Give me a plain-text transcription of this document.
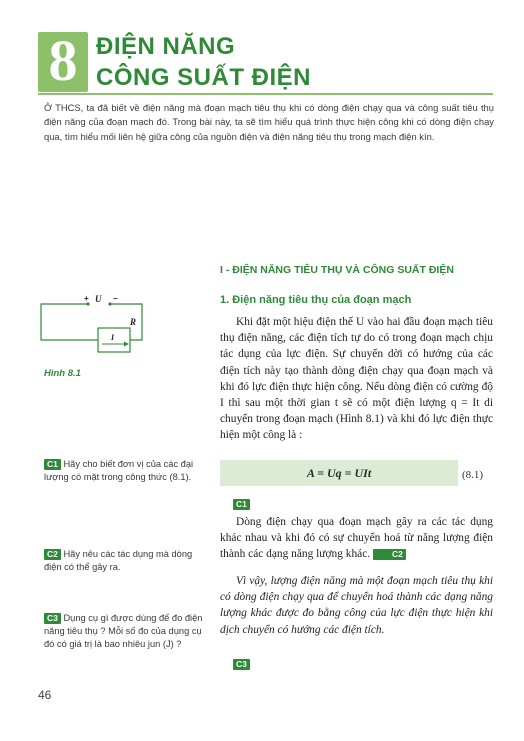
8 ĐIỆN NĂNG
CÔNG SUẤT ĐIỆN
Ở THCS, ta đã biết về điện năng mà đoạn mạch tiêu thụ khi có dòng điện chạy qua và công suất tiêu thụ điện năng của đoạn mạch đó. Trong bài này, ta sẽ tìm hiểu quá trình thực hiện công khi có dòng điện chạy qua, tìm hiểu mối liên hệ giữa công của nguồn điện và điện năng tiêu thụ trong mạch điện kín.
I - ĐIỆN NĂNG TIÊU THỤ VÀ CÔNG SUẤT ĐIỆN
1. Điện năng tiêu thụ của đoạn mạch
Khi đặt một hiệu điện thế U vào hai đầu đoạn mạch tiêu thụ điện năng, các điện tích tự do có trong đoạn mạch chịu tác dụng của lực điện. Sự chuyển dời có hướng của các điện tích này tạo thành dòng điện chạy qua đoạn mạch và khi đó lực điện thực hiện công. Nếu dòng điện có cường độ I thì sau một thời gian t sẽ có một điện lượng q = It di chuyển trong đoạn mạch (Hình 8.1) và khi đó lực điện thực hiện một công là :
A = Uq = UIt	(8.1)
C1
Dòng điện chạy qua đoạn mạch gây ra các tác dụng khác nhau và khi đó có sự chuyển hoá từ năng lượng điện thành các dạng năng lượng khác.	C2
Vì vậy, lượng điện năng mà một đoạn mạch tiêu thụ khi có dòng điện chạy qua để chuyển hoá thành các dạng năng lượng khác được đo bằng công của lực điện thực hiện khi dịch chuyển có hướng các điện tích.
C3
+ U −
R
I
Hình 8.1
C1 Hãy cho biết đơn vị của các đại lượng có mặt trong công thức (8.1).
C2 Hãy nêu các tác dụng mà dòng điện có thể gây ra.
C3 Dụng cụ gì được dùng để đo điện năng tiêu thụ ? Mỗi số đo của dụng cụ đó có giá trị là bao nhiêu jun (J) ?
46
